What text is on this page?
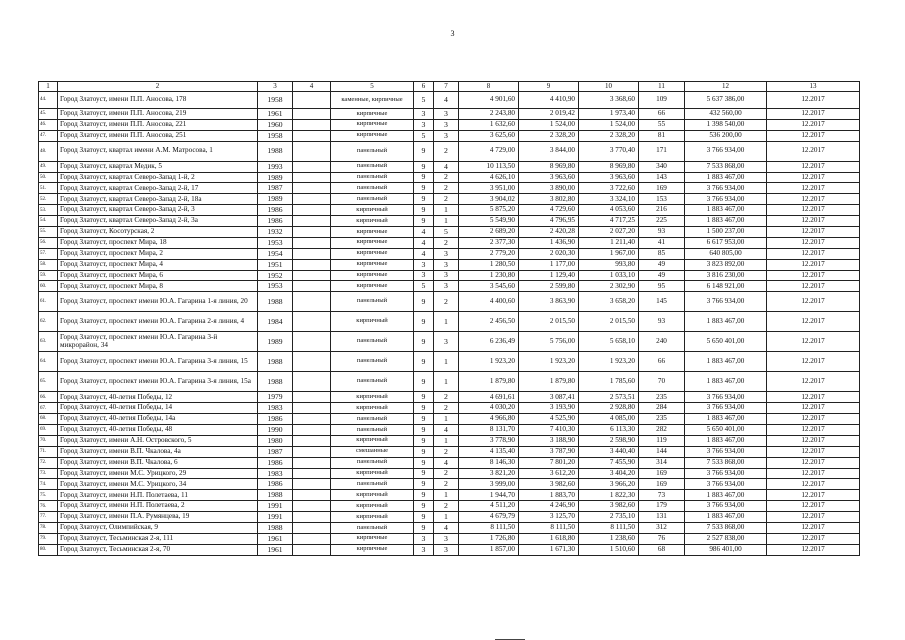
3
1	2	3	4	5	6	7	8	9	10	11	12	13
44.	Город Златоуст, имени П.П. Аносова, 178	1958		каменные, кирпичные	5	4	4 901,60	4 410,90	3 368,60	109	5 637 386,00	12.2017
45.	Город Златоуст, имени П.П. Аносова, 219	1961		кирпичные	3	3	2 243,80	2 019,42	1 973,40	66	432 560,00	12.2017
46.	Город Златоуст, имени П.П. Аносова, 221	1960		кирпичные	3	3	1 632,60	1 524,00	1 524,00	55	1 398 540,00	12.2017
47.	Город Златоуст, имени П.П. Аносова, 251	1958		кирпичные	5	3	3 625,60	2 328,20	2 328,20	81	536 200,00	12.2017
48.	Город Златоуст, квартал имени А.М. Матросова, 1	1988		панельный	9	2	4 729,00	3 844,00	3 770,40	171	3 766 934,00	12.2017
49.	Город Златоуст, квартал Медик, 5	1993		панельный	9	4	10 113,50	8 969,80	8 969,80	340	7 533 868,00	12.2017
50.	Город Златоуст, квартал Северо-Запад 1-й, 2	1989		панельный	9	2	4 626,10	3 963,60	3 963,60	143	1 883 467,00	12.2017
51.	Город Златоуст, квартал Северо-Запад 2-й, 17	1987		панельный	9	2	3 951,00	3 890,00	3 722,60	169	3 766 934,00	12.2017
52.	Город Златоуст, квартал Северо-Запад 2-й, 18а	1989		панельный	9	2	3 904,02	3 802,80	3 324,10	153	3 766 934,00	12.2017
53.	Город Златоуст, квартал Северо-Запад 2-й, 3	1986		кирпичный	9	1	5 875,20	4 729,60	4 053,60	216	1 883 467,00	12.2017
54.	Город Златоуст, квартал Северо-Запад 2-й, 3а	1986		кирпичный	9	1	5 549,90	4 796,95	4 717,25	225	1 883 467,00	12.2017
55.	Город Златоуст, Косотурская, 2	1932		кирпичные	4	5	2 689,20	2 420,28	2 027,20	93	1 500 237,00	12.2017
56.	Город Златоуст, проспект Мира, 18	1953		кирпичные	4	2	2 377,30	1 436,90	1 211,40	41	6 617 953,00	12.2017
57.	Город Златоуст, проспект Мира, 2	1954		кирпичные	4	3	2 779,20	2 020,30	1 967,00	85	640 805,00	12.2017
58.	Город Златоуст, проспект Мира, 4	1951		кирпичные	3	3	1 280,50	1 177,00	993,80	49	3 823 892,00	12.2017
59.	Город Златоуст, проспект Мира, 6	1952		кирпичные	3	3	1 230,80	1 129,40	1 033,10	49	3 816 230,00	12.2017
60.	Город Златоуст, проспект Мира, 8	1953		кирпичные	5	3	3 545,60	2 599,80	2 302,90	95	6 148 921,00	12.2017
61.	Город Златоуст, проспект имени Ю.А. Гагарина 1-я линия, 20	1988		панельный	9	2	4 400,60	3 863,90	3 658,20	145	3 766 934,00	12.2017
62.	Город Златоуст, проспект имени Ю.А. Гагарина 2-я линия, 4	1984		кирпичный	9	1	2 456,50	2 015,50	2 015,50	93	1 883 467,00	12.2017
63.	Город Златоуст, проспект имени Ю.А. Гагарина 3-й микрорайон, 34	1989		панельный	9	3	6 236,49	5 756,00	5 658,10	240	5 650 401,00	12.2017
64.	Город Златоуст, проспект имени Ю.А. Гагарина 3-я линия, 15	1988		панельный	9	1	1 923,20	1 923,20	1 923,20	66	1 883 467,00	12.2017
65.	Город Златоуст, проспект имени Ю.А. Гагарина 3-я линия, 15а	1988		панельный	9	1	1 879,80	1 879,80	1 785,60	70	1 883 467,00	12.2017
66.	Город Златоуст, 40-летия Победы, 12	1979		кирпичный	9	2	4 691,61	3 087,41	2 573,51	235	3 766 934,00	12.2017
67.	Город Златоуст, 40-летия Победы, 14	1983		кирпичный	9	2	4 030,20	3 193,90	2 928,80	284	3 766 934,00	12.2017
68.	Город Златоуст, 40-летия Победы, 14а	1986		панельный	9	1	4 966,80	4 525,90	4 085,00	235	1 883 467,00	12.2017
69.	Город Златоуст, 40-летия Победы, 48	1990		панельный	9	4	8 131,70	7 410,30	6 113,30	282	5 650 401,00	12.2017
70.	Город Златоуст, имени А.Н. Островского, 5	1980		кирпичный	9	1	3 778,90	3 188,90	2 598,90	119	1 883 467,00	12.2017
71.	Город Златоуст, имени В.П. Чкалова, 4а	1987		смешанные	9	2	4 135,40	3 787,90	3 440,40	144	3 766 934,00	12.2017
72.	Город Златоуст, имени В.П. Чкалова, 6	1986		панельный	9	4	8 146,30	7 801,20	7 455,90	314	7 533 868,00	12.2017
73.	Город Златоуст, имени М.С. Урицкого, 29	1983		кирпичный	9	2	3 821,20	3 612,20	3 404,20	169	3 766 934,00	12.2017
74.	Город Златоуст, имени М.С. Урицкого, 34	1986		панельный	9	2	3 999,00	3 982,60	3 966,20	169	3 766 934,00	12.2017
75.	Город Златоуст, имени Н.П. Полетаева, 11	1988		кирпичный	9	1	1 944,70	1 883,70	1 822,30	73	1 883 467,00	12.2017
76.	Город Златоуст, имени Н.П. Полетаева, 2	1991		кирпичный	9	2	4 511,20	4 246,90	3 982,60	179	3 766 934,00	12.2017
77.	Город Златоуст, имени П.А. Румянцева, 19	1991		кирпичный	9	1	4 679,79	3 125,70	2 735,10	131	1 883 467,00	12.2017
78.	Город Златоуст, Олимпийская, 9	1988		панельный	9	4	8 111,50	8 111,50	8 111,50	312	7 533 868,00	12.2017
79.	Город Златоуст, Тесьминская 2-я, 111	1961		кирпичные	3	3	1 726,80	1 618,80	1 238,60	76	2 527 838,00	12.2017
80.	Город Златоуст, Тесьминская 2-я, 70	1961		кирпичные	3	3	1 857,00	1 671,30	1 510,60	68	986 401,00	12.2017
